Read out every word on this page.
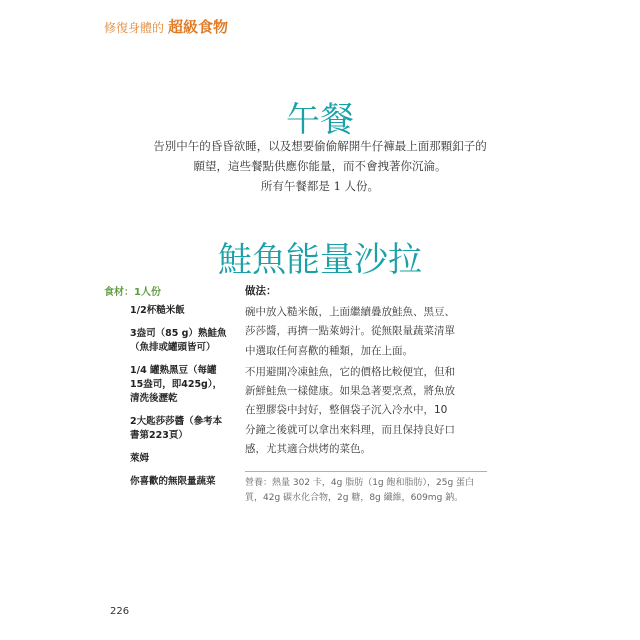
修復身體的 超級食物
午餐

告別中午的昏昏欲睡，以及想要偷偷解開牛仔褲最上面那顆釦子的

願望，這些餐點供應你能量，而不會拽著你沉淪。

所有午餐都是 1 人份。

鮭魚能量沙拉
食材：1人份
1/2杯糙米飯
3盎司（85 g）熟鮭魚
（魚排或罐頭皆可）
1/4 罐熟黑豆（每罐
15盎司，即425g），
清洗後瀝乾
2大匙莎莎醬（參考本
書第223頁）
萊姆
你喜歡的無限量蔬菜
做法：
碗中放入糙米飯，上面繼續疊放鮭魚、黑豆、
莎莎醬，再擠一點萊姆汁。從無限量蔬菜清單
中選取任何喜歡的種類，加在上面。
不用避開冷凍鮭魚，它的價格比較便宜，但和
新鮮鮭魚一樣健康。如果急著要烹煮，將魚放
在塑膠袋中封好，整個袋子沉入冷水中，10
分鐘之後就可以拿出來料理，而且保持良好口
感，尤其適合烘烤的菜色。
營養：熱量 302 卡，4g 脂肪（1g 飽和脂肪），25g 蛋白
質，42g 碳水化合物，2g 糖，8g 纖維，609mg 鈉。
226
